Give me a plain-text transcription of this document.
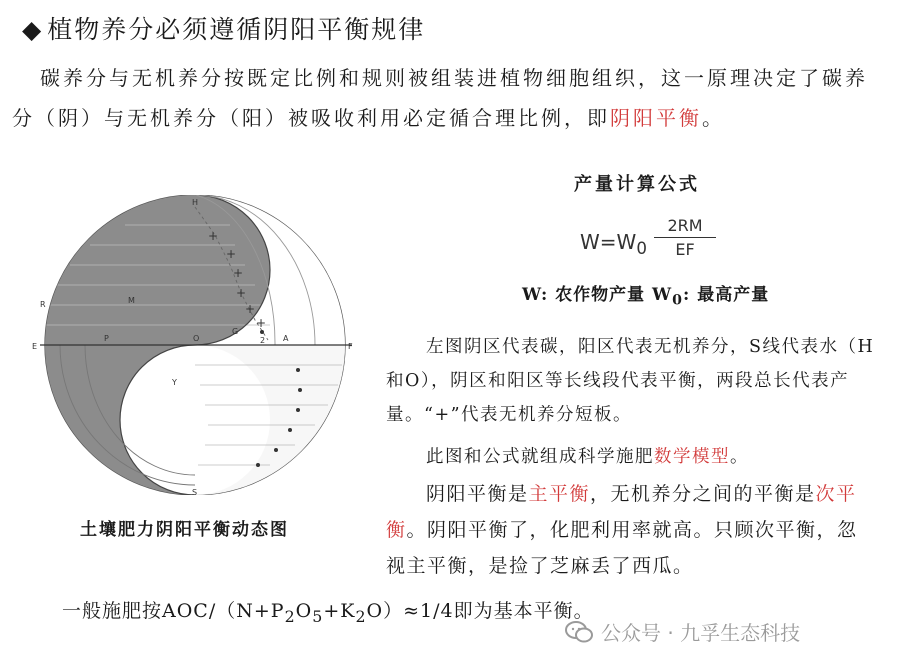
◆ 植物养分必须遵循阴阳平衡规律
碳养分与无机养分按既定比例和规则被组装进植物细胞组织，这一原理决定了碳养分（阴）与无机养分（阳）被吸收利用必定循合理比例，即阴阳平衡。
+
+
+
+
+
+
H
S
E	F
R	M
O
P
G
2
Y
A
土壤肥力阴阳平衡动态图
产量计算公式
$W=W_0 \frac{2RM}{EF}$
W: 农作物产量 $W_0$: 最高产量
左图阴区代表碳，阳区代表无机养分，S线代表水（H和O），阴区和阳区等长线段代表平衡，两段总长代表产量。“+”代表无机养分短板。
此图和公式就组成科学施肥数学模型。
阴阳平衡是主平衡，无机养分之间的平衡是次平衡。阴阳平衡了，化肥利用率就高。只顾次平衡，忽视主平衡，是捡了芝麻丢了西瓜。
一般施肥按AOC/$(N+P_2O_5+K_2O)\approx 1/4$即为基本平衡。
公众号 · 九孚生态科技
